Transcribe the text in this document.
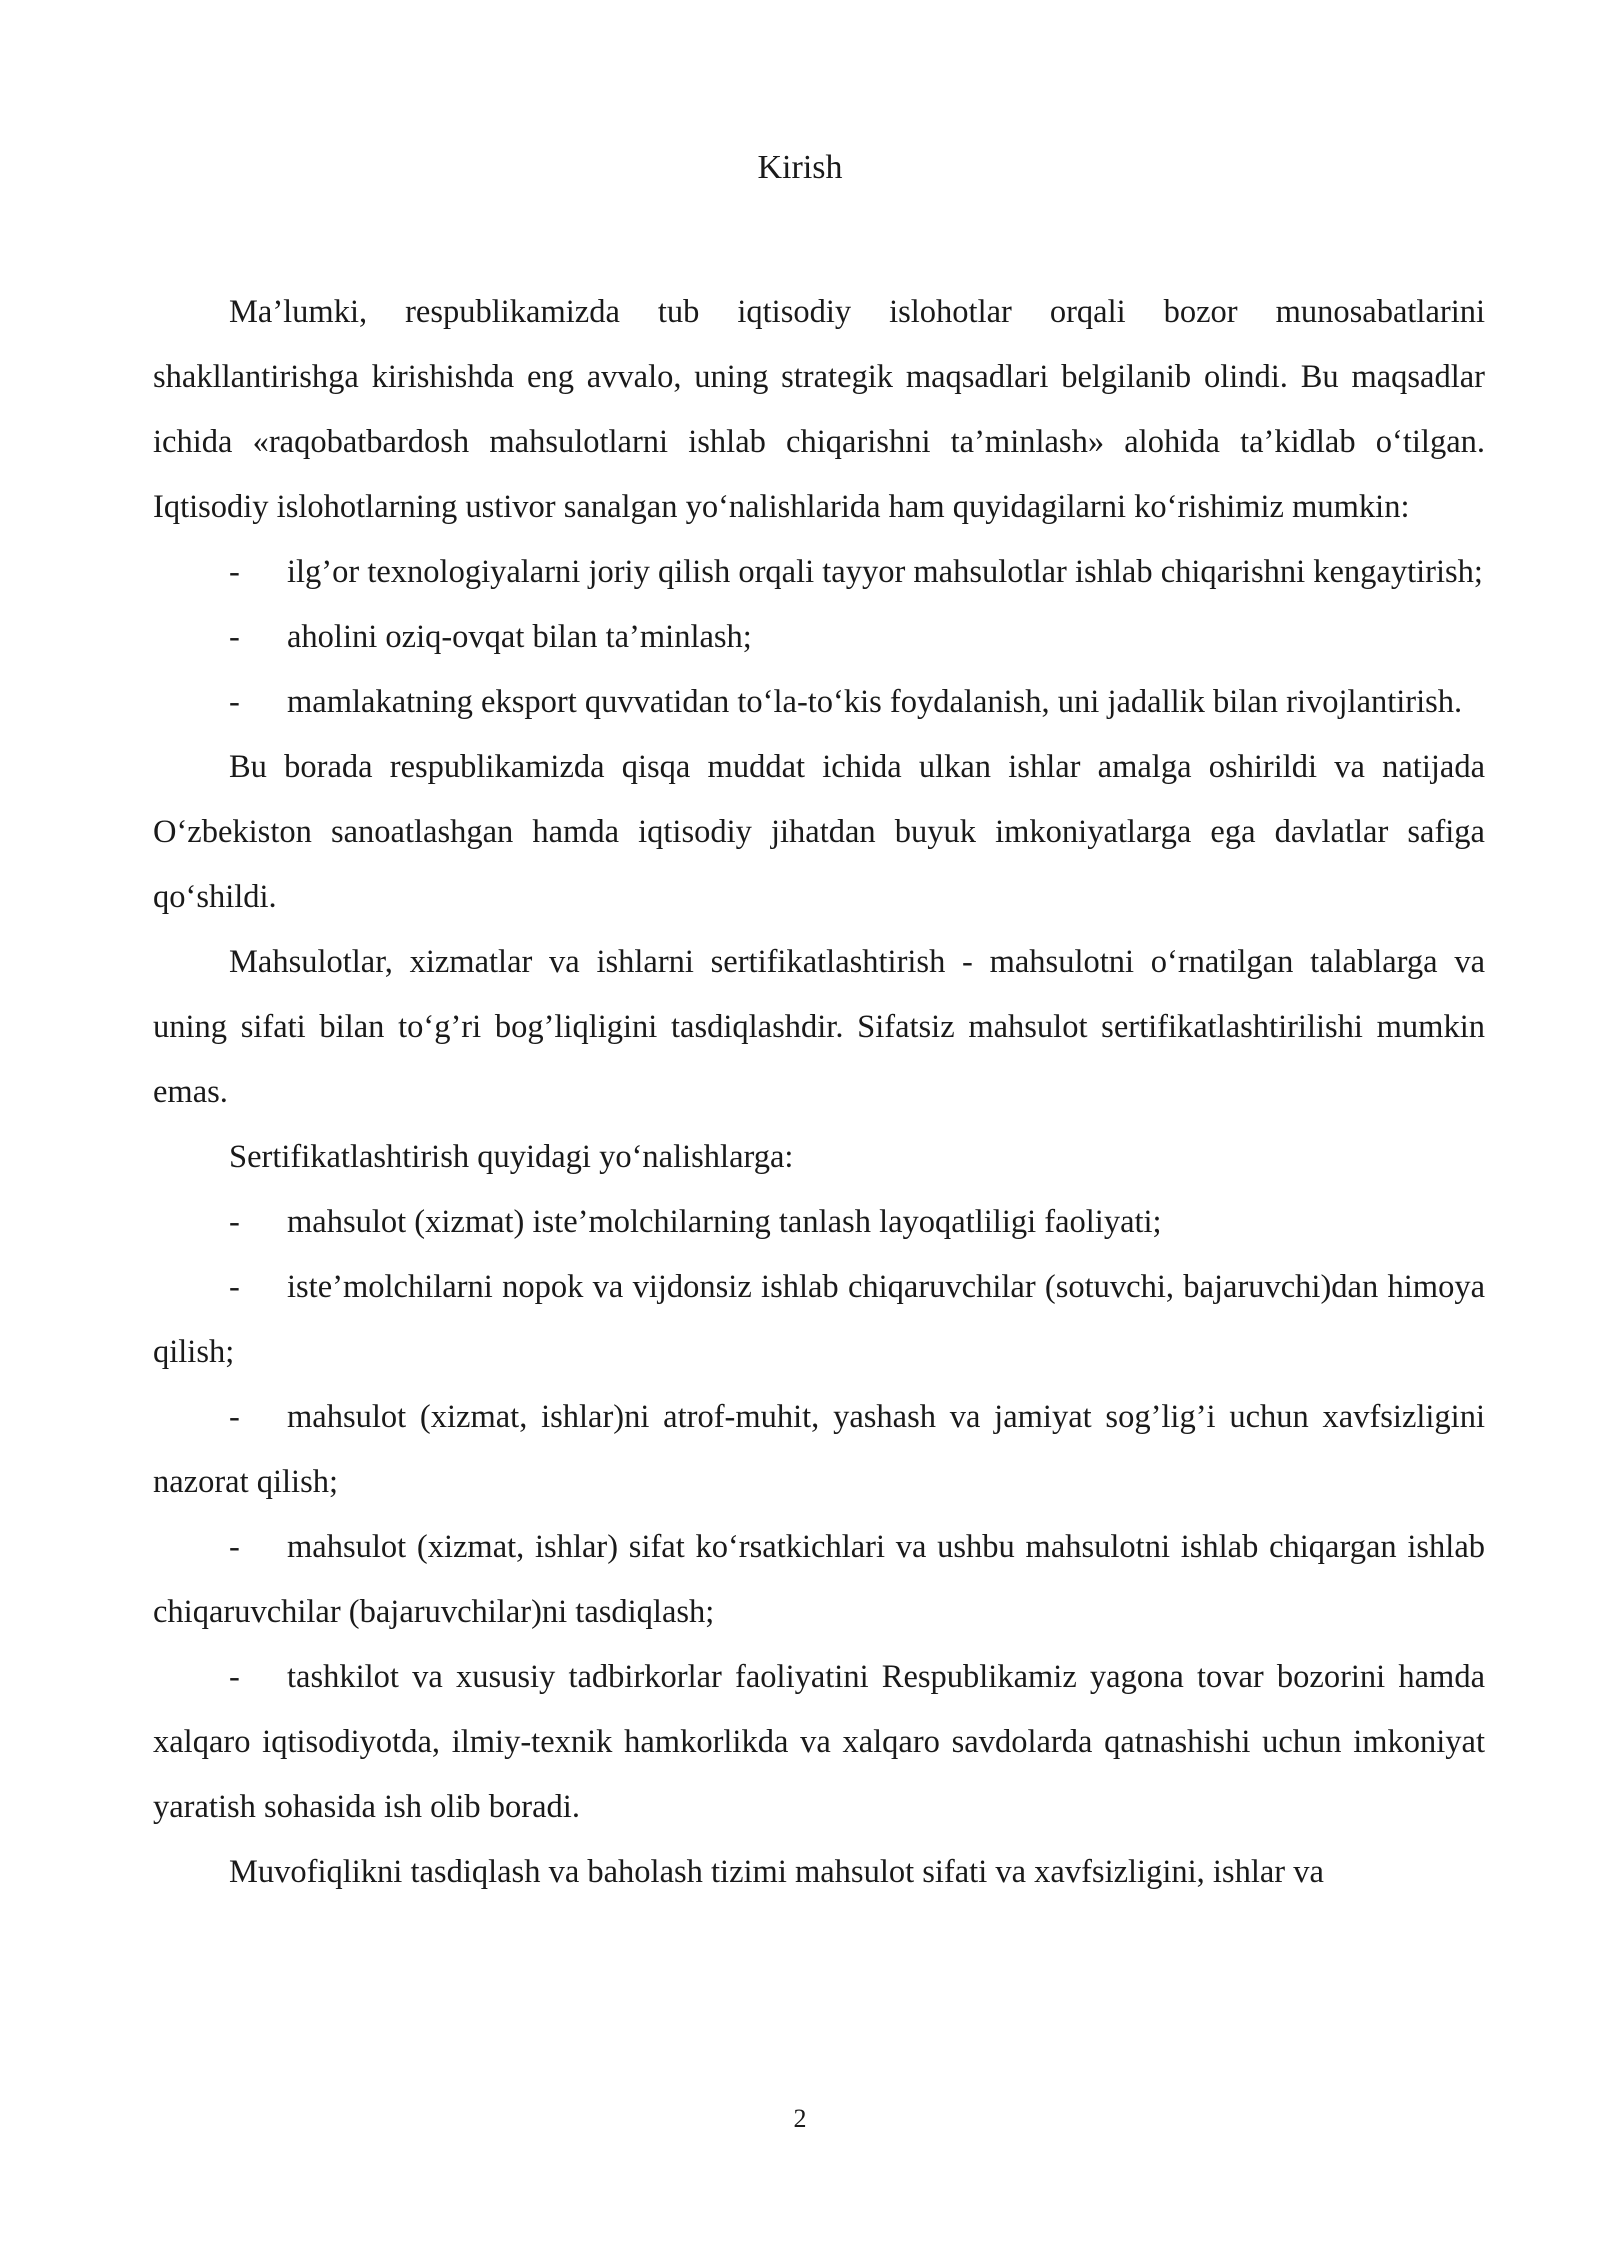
Kirish

Ma’lumki, respublikamizda tub iqtisodiy islohotlar orqali bozor munosabatlarini shakllantirishga kirishishda eng avvalo, uning strategik maqsadlari belgilanib olindi. Bu maqsadlar ichida «raqobatbardosh mahsulotlarni ishlab chiqarishni ta’minlash» alohida ta’kidlab o‘tilgan. Iqtisodiy islohotlarning ustivor sanalgan yo‘nalishlarida ham quyidagilarni ko‘rishimiz mumkin:

- ilg’or texnologiyalarni joriy qilish orqali tayyor mahsulotlar ishlab chiqarishni kengaytirish;

- aholini oziq-ovqat bilan ta’minlash;

- mamlakatning eksport quvvatidan to‘la-to‘kis foydalanish, uni jadallik bilan rivojlantirish.

Bu borada respublikamizda qisqa muddat ichida ulkan ishlar amalga oshirildi va natijada O‘zbekiston sanoatlashgan hamda iqtisodiy jihatdan buyuk imkoniyatlarga ega davlatlar safiga qo‘shildi.

Mahsulotlar, xizmatlar va ishlarni sertifikatlashtirish - mahsulotni o‘rnatilgan talablarga va uning sifati bilan to‘g’ri bog’liqligini tasdiqlashdir. Sifatsiz mahsulot sertifikatlashtirilishi mumkin emas.

Sertifikatlashtirish quyidagi yo‘nalishlarga:

- mahsulot (xizmat) iste’molchilarning tanlash layoqatliligi faoliyati;

- iste’molchilarni nopok va vijdonsiz ishlab chiqaruvchilar (sotuvchi, bajaruvchi)dan himoya qilish;

- mahsulot (xizmat, ishlar)ni atrof-muhit, yashash va jamiyat sog’lig’i uchun xavfsizligini nazorat qilish;

- mahsulot (xizmat, ishlar) sifat ko‘rsatkichlari va ushbu mahsulotni ishlab chiqargan ishlab chiqaruvchilar (bajaruvchilar)ni tasdiqlash;

- tashkilot va xususiy tadbirkorlar faoliyatini Respublikamiz yagona tovar bozorini hamda xalqaro iqtisodiyotda, ilmiy-texnik hamkorlikda va xalqaro savdolarda qatnashishi uchun imkoniyat yaratish sohasida ish olib boradi.

Muvofiqlikni tasdiqlash va baholash tizimi mahsulot sifati va xavfsizligini, ishlar va

2
